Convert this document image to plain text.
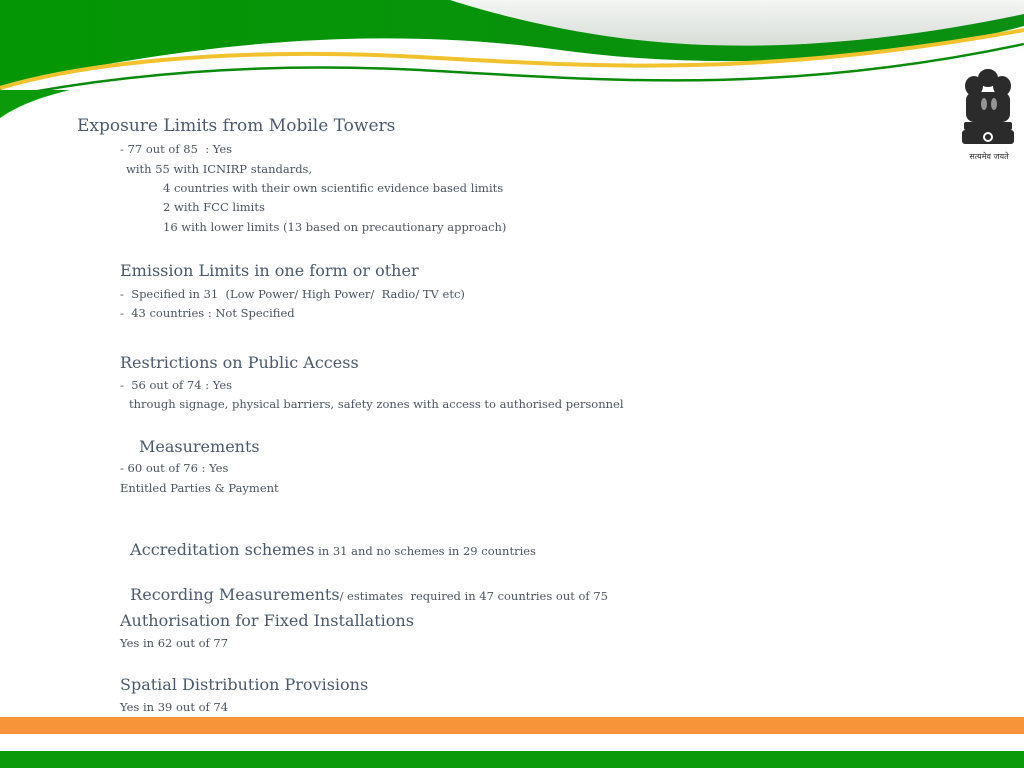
सत्यमेव जयते
Exposure Limits from Mobile Towers
- 77 out of 85  : Yes
with 55 with ICNIRP standards,
4 countries with their own scientific evidence based limits
2 with FCC limits
16 with lower limits (13 based on precautionary approach)
Emission Limits in one form or other
-  Specified in 31  (Low Power/ High Power/  Radio/ TV etc)
-  43 countries : Not Specified
Restrictions on Public Access
-  56 out of 74 : Yes
through signage, physical barriers, safety zones with access to authorised personnel
Measurements
- 60 out of 76 : Yes
Entitled Parties & Payment

Accreditation schemes in 31 and no schemes in 29 countries

Recording Measurements/ estimates  required in 47 countries out of 75

Authorisation for Fixed Installations
Yes in 62 out of 77
Spatial Distribution Provisions
Yes in 39 out of 74
